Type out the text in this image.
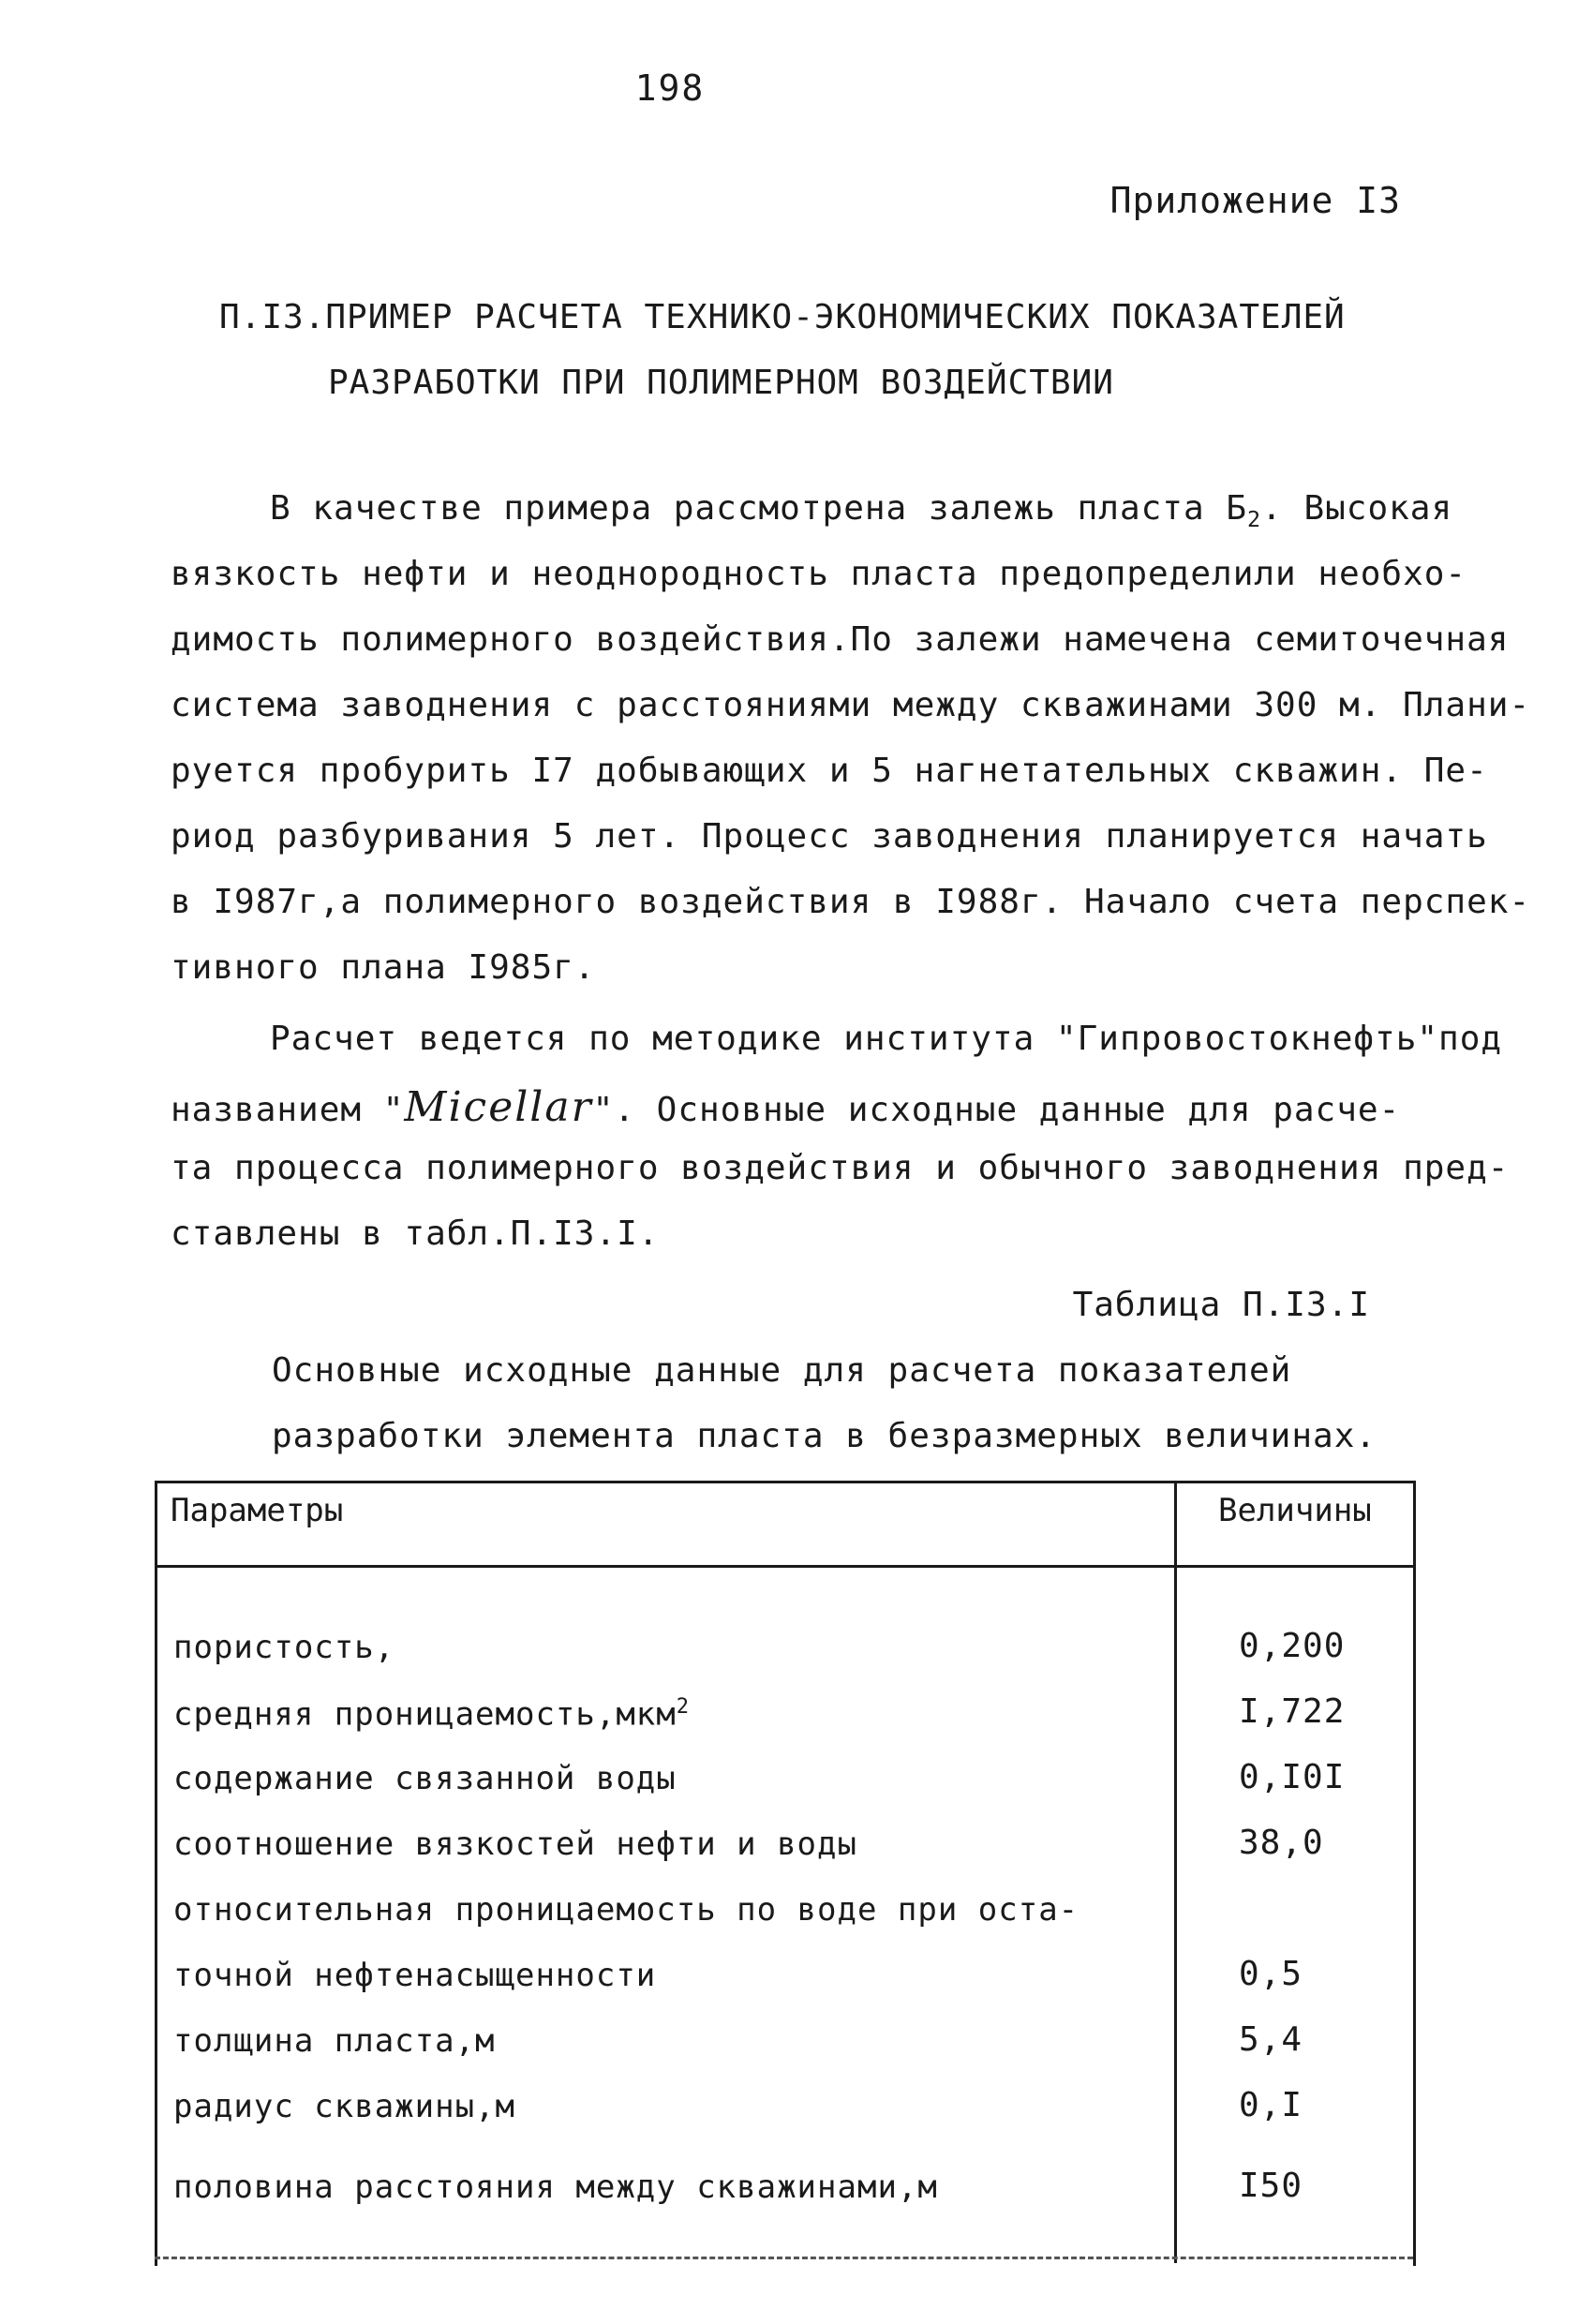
198
Приложение I3
П.I3.ПРИМЕР РАСЧЕТА ТЕХНИКО-ЭКОНОМИЧЕСКИХ ПОКАЗАТЕЛЕЙ
РАЗРАБОТКИ ПРИ ПОЛИМЕРНОМ ВОЗДЕЙСТВИИ
В качестве примера рассмотрена залежь пласта $Б_2$. Высокая
вязкость нефти и неоднородность пласта предопределили необхо-
димость полимерного воздействия.По залежи намечена семиточечная
система заводнения с расстояниями между скважинами 300 м. Плани-
руется пробурить I7 добывающих и 5 нагнетательных скважин. Пе-
риод разбуривания 5 лет. Процесс заводнения планируется начать
в I987г,а полимерного воздействия в I988г. Начало счета перспек-
тивного плана I985г.
Расчет ведется по методике института "Гипровостокнефть"под
названием "Micellar". Основные исходные данные для расче-
та процесса полимерного воздействия и обычного заводнения пред-
ставлены в табл.П.I3.I.
Таблица П.I3.I
Основные исходные данные для расчета показателей
разработки элемента пласта в безразмерных величинах.
Параметры	Величины
пористость,	0,200
средняя проницаемость,мкм$^2$	I,722
содержание связанной воды	0,I0I
соотношение вязкостей нефти и воды	38,0
относительная проницаемость по воде при оста-
точной нефтенасыщенности	0,5
толщина пласта,м	5,4
радиус скважины,м	0,I
половина расстояния между скважинами,м	I50
